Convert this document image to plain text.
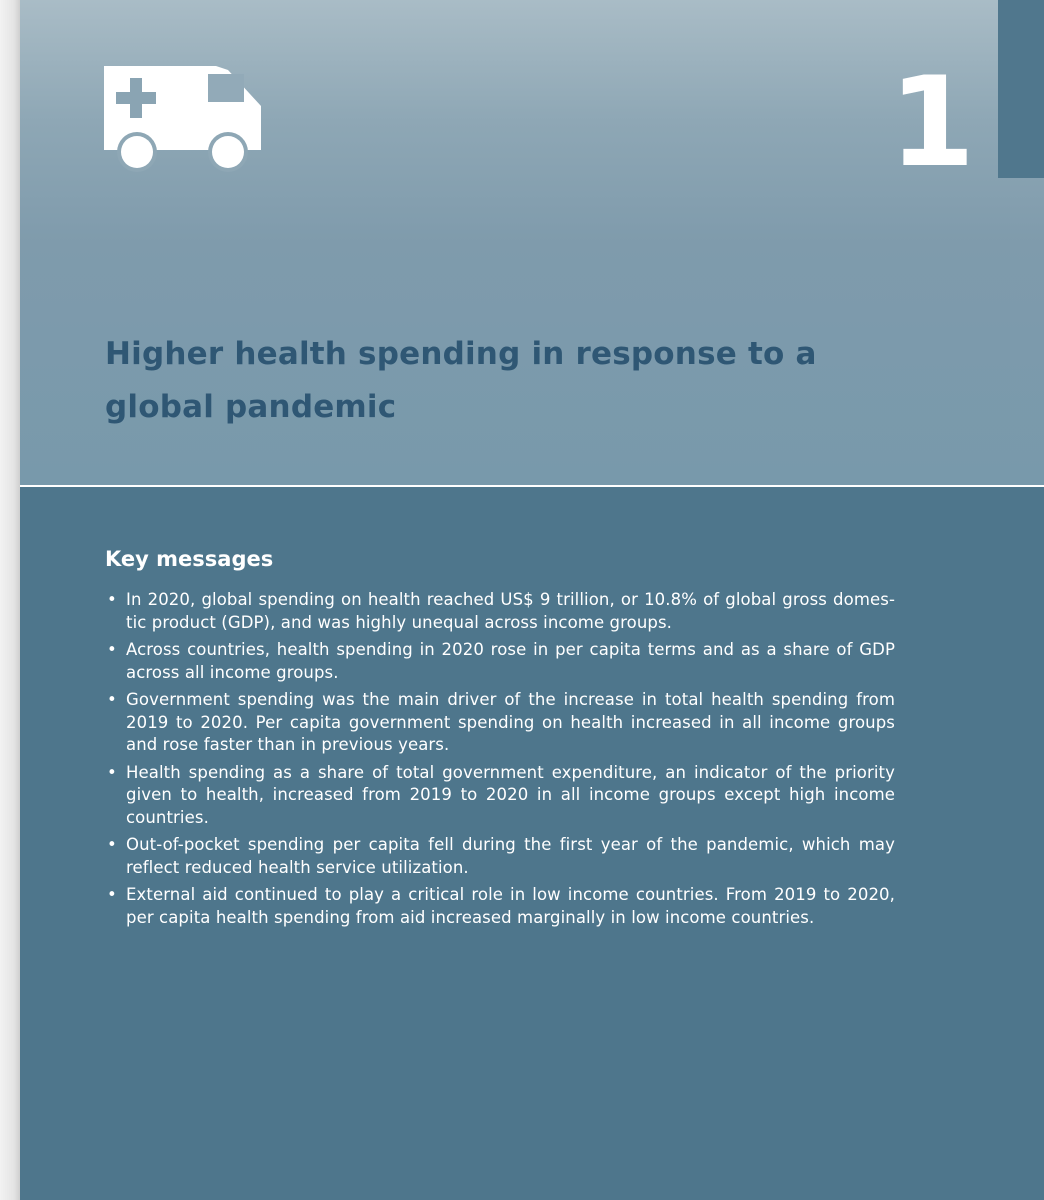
1
Higher health spending in response to a global pandemic
Key messages
• In 2020, global spending on health reached US$ 9 trillion, or 10.8% of global gross domes-tic product (GDP), and was highly unequal across income groups.
• Across countries, health spending in 2020 rose in per capita terms and as a share of GDP across all income groups.
• Government spending was the main driver of the increase in total health spending from 2019 to 2020. Per capita government spending on health increased in all income groups and rose faster than in previous years.
• Health spending as a share of total government expenditure, an indicator of the priority given to health, increased from 2019 to 2020 in all income groups except high income countries.
• Out-of-pocket spending per capita fell during the first year of the pandemic, which may reflect reduced health service utilization.
• External aid continued to play a critical role in low income countries. From 2019 to 2020, per capita health spending from aid increased marginally in low income countries.
